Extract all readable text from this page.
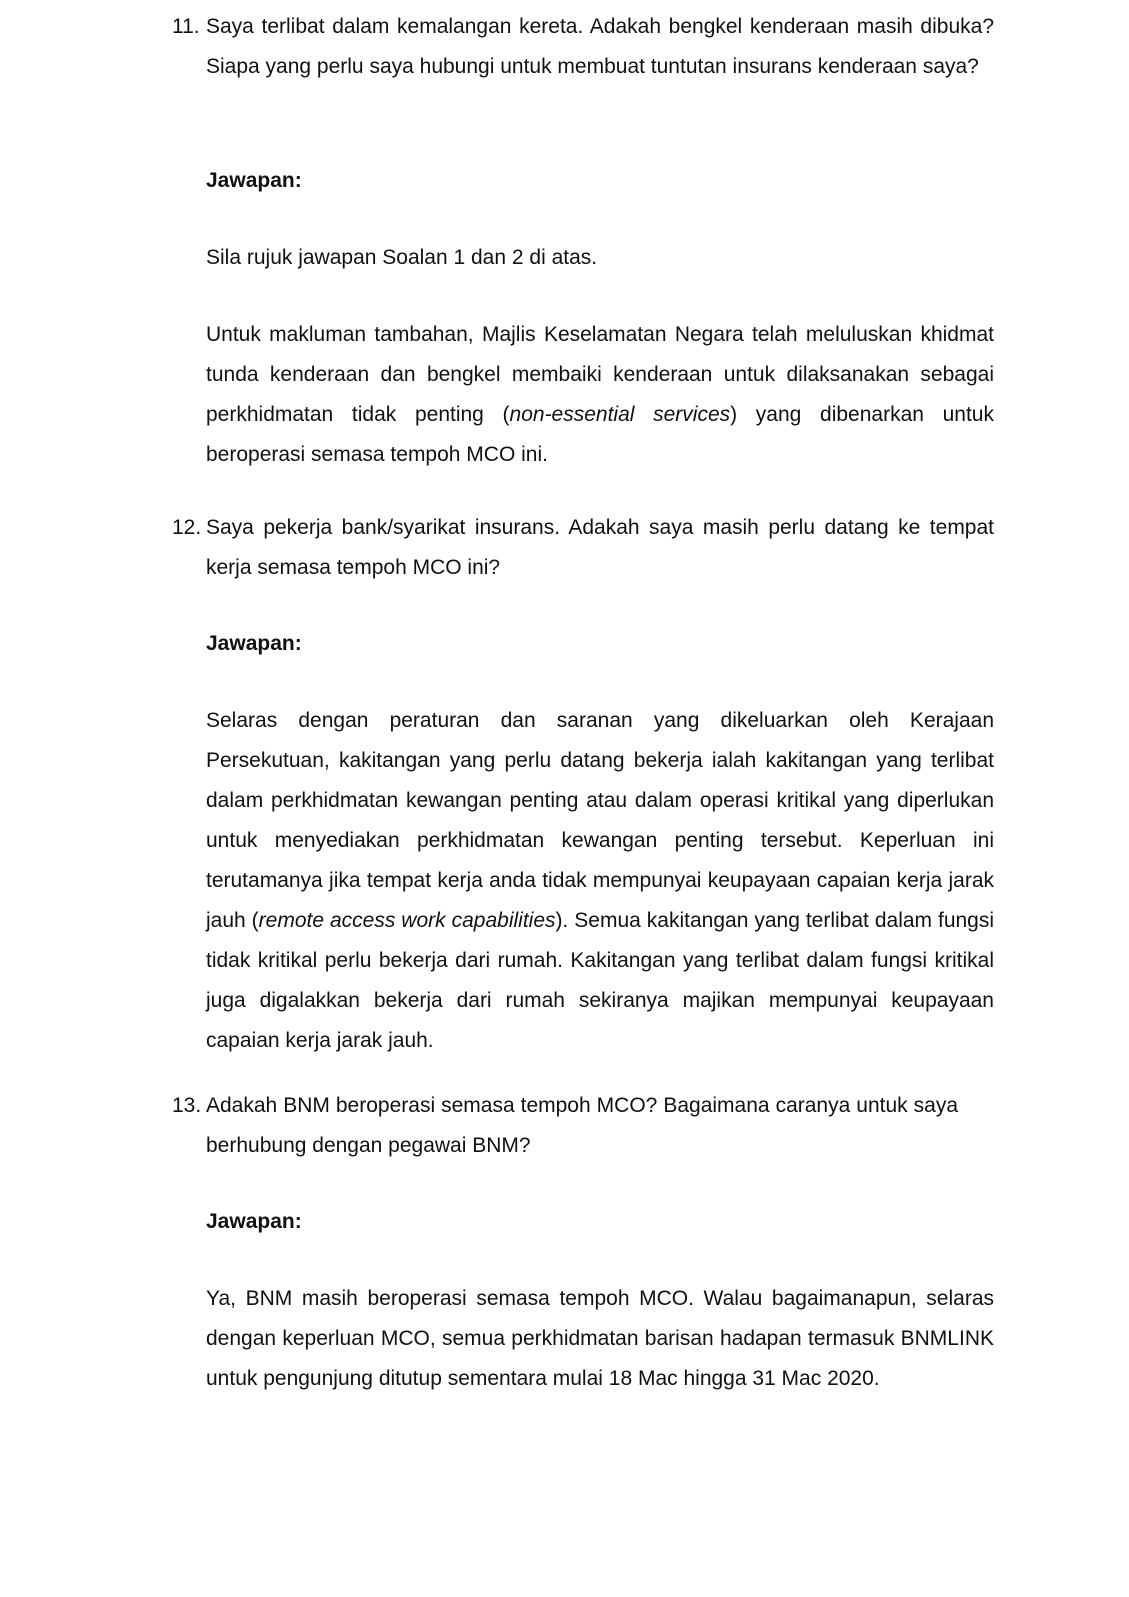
11. Saya terlibat dalam kemalangan kereta. Adakah bengkel kenderaan masih dibuka? Siapa yang perlu saya hubungi untuk membuat tuntutan insurans kenderaan saya?
Jawapan:
Sila rujuk jawapan Soalan 1 dan 2 di atas.
Untuk makluman tambahan, Majlis Keselamatan Negara telah meluluskan khidmat tunda kenderaan dan bengkel membaiki kenderaan untuk dilaksanakan sebagai perkhidmatan tidak penting (non-essential services) yang dibenarkan untuk beroperasi semasa tempoh MCO ini.
12. Saya pekerja bank/syarikat insurans. Adakah saya masih perlu datang ke tempat kerja semasa tempoh MCO ini?
Jawapan:
Selaras dengan peraturan dan saranan yang dikeluarkan oleh Kerajaan Persekutuan, kakitangan yang perlu datang bekerja ialah kakitangan yang terlibat dalam perkhidmatan kewangan penting atau dalam operasi kritikal yang diperlukan untuk menyediakan perkhidmatan kewangan penting tersebut. Keperluan ini terutamanya jika tempat kerja anda tidak mempunyai keupayaan capaian kerja jarak jauh (remote access work capabilities). Semua kakitangan yang terlibat dalam fungsi tidak kritikal perlu bekerja dari rumah. Kakitangan yang terlibat dalam fungsi kritikal juga digalakkan bekerja dari rumah sekiranya majikan mempunyai keupayaan capaian kerja jarak jauh.
13. Adakah BNM beroperasi semasa tempoh MCO? Bagaimana caranya untuk saya berhubung dengan pegawai BNM?
Jawapan:
Ya, BNM masih beroperasi semasa tempoh MCO. Walau bagaimanapun, selaras dengan keperluan MCO, semua perkhidmatan barisan hadapan termasuk BNMLINK untuk pengunjung ditutup sementara mulai 18 Mac hingga 31 Mac 2020.
